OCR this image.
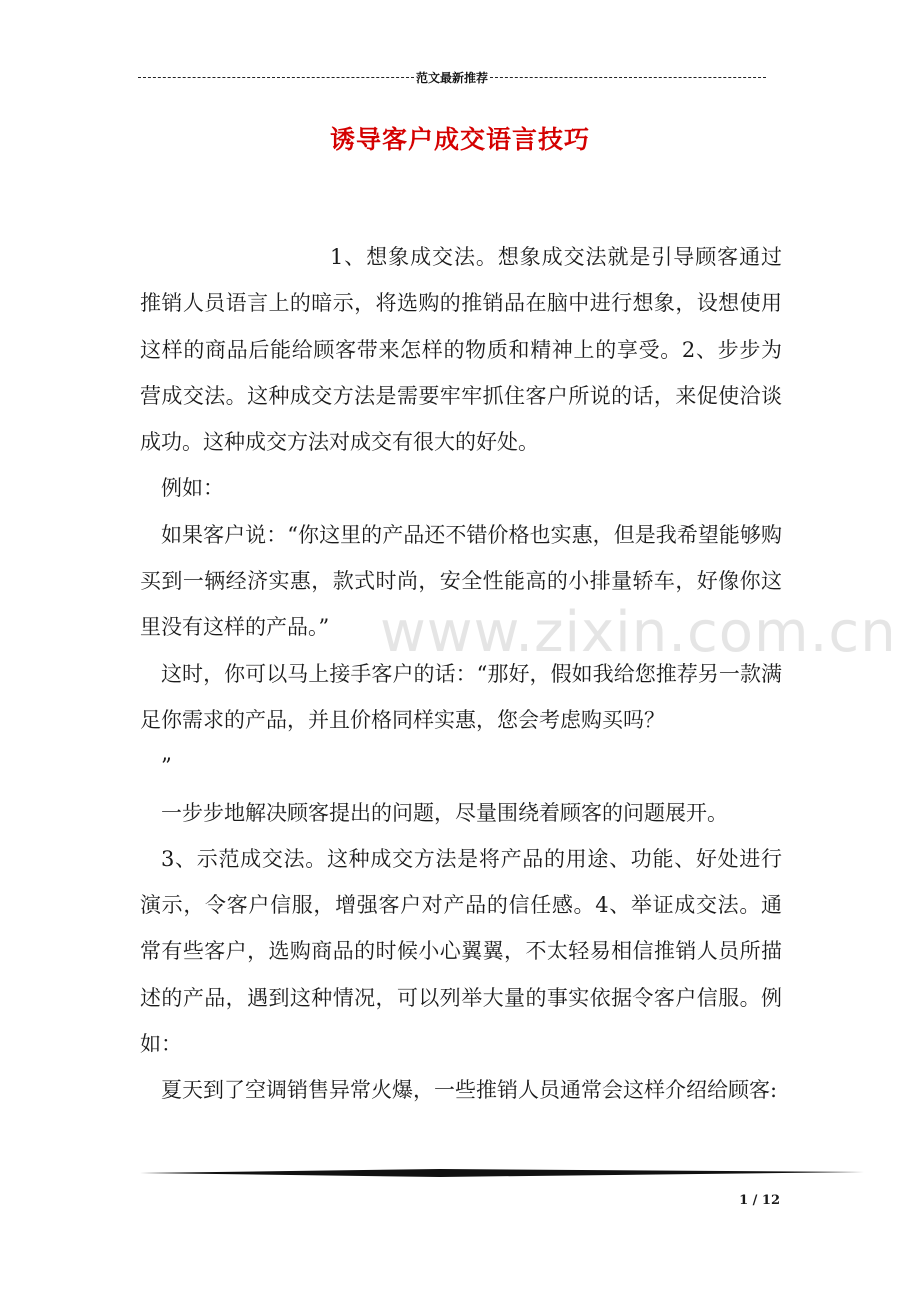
范文最新推荐
诱导客户成交语言技巧

1、想象成交法。想象成交法就是引导顾客通过推销人员语言上的暗示，将选购的推销品在脑中进行想象，设想使用这样的商品后能给顾客带来怎样的物质和精神上的享受。2、步步为营成交法。这种成交方法是需要牢牢抓住客户所说的话，来促使洽谈成功。这种成交方法对成交有很大的好处。

例如：

如果客户说：“你这里的产品还不错价格也实惠，但是我希望能够购买到一辆经济实惠，款式时尚，安全性能高的小排量轿车，好像你这里没有这样的产品。”

这时，你可以马上接手客户的话：“那好，假如我给您推荐另一款满足你需求的产品，并且价格同样实惠，您会考虑购买吗？

”

一步步地解决顾客提出的问题，尽量围绕着顾客的问题展开。

3、示范成交法。这种成交方法是将产品的用途、功能、好处进行演示，令客户信服，增强客户对产品的信任感。4、举证成交法。通常有些客户，选购商品的时候小心翼翼，不太轻易相信推销人员所描述的产品，遇到这种情况，可以列举大量的事实依据令客户信服。例如：

夏天到了空调销售异常火爆，一些推销人员通常会这样介绍给顾客:

www.zixin.com.cn
1 / 12
